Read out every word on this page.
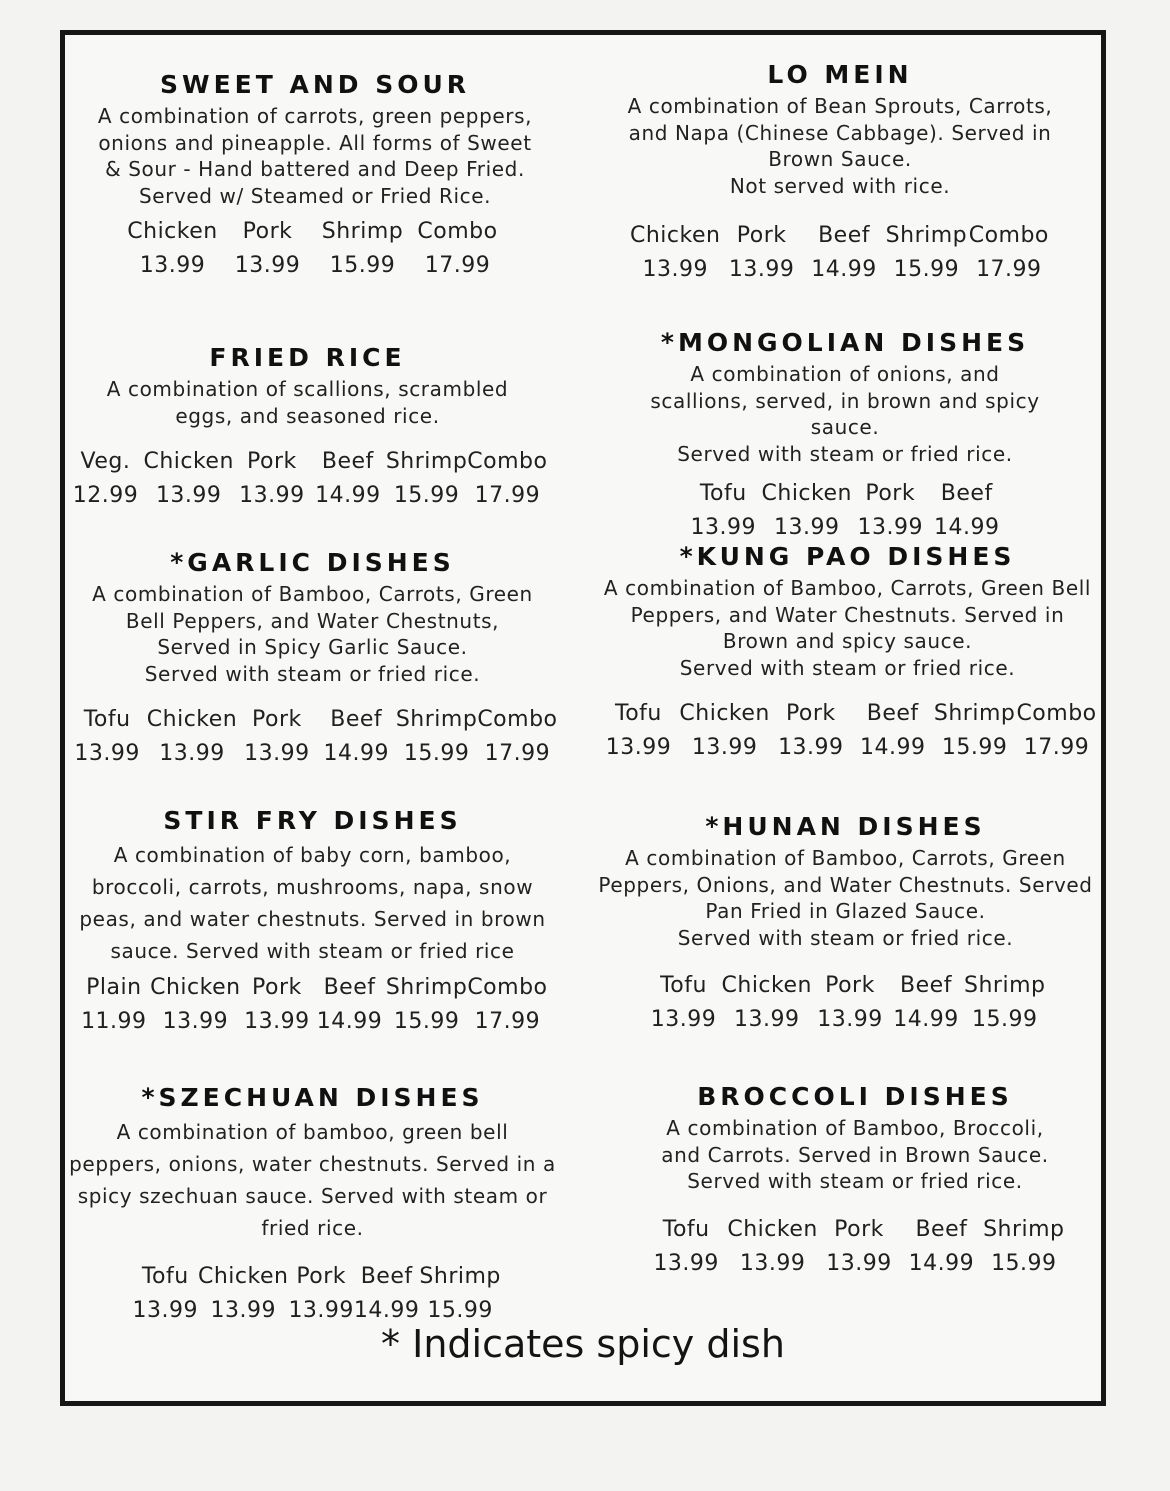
SWEET AND SOUR
A combination of carrots, green peppers, onions and pineapple. All forms of Sweet & Sour - Hand battered and Deep Fried. Served w/ Steamed or Fried Rice.
Chicken	Pork	Shrimp Combo
13.99	13.99	15.99	17.99
FRIED RICE
A combination of scallions, scrambled eggs, and seasoned rice.
Veg. Chicken Pork	Beef Shrimp Combo
12.99 13.99 13.99 14.99 15.99 17.99
*GARLIC DISHES
A combination of Bamboo, Carrots, Green Bell Peppers, and Water Chestnuts, Served in Spicy Garlic Sauce.
Served with steam or fried rice.
Tofu Chicken Pork	Beef Shrimp Combo
13.99 13.99 13.99 14.99 15.99 17.99
STIR FRY DISHES
A combination of baby corn, bamboo, broccoli, carrots, mushrooms, napa, snow peas, and water chestnuts. Served in brown sauce. Served with steam or fried rice
Plain Chicken Pork Beef Shrimp Combo
11.99 13.99 13.99 14.99 15.99 17.99
*SZECHUAN DISHES
A combination of bamboo, green bell peppers, onions, water chestnuts. Served in a spicy szechuan sauce. Served with steam or fried rice.
Tofu Chicken Pork Beef Shrimp
13.99 13.99 13.99 14.99 15.99
LO MEIN
A combination of Bean Sprouts, Carrots, and Napa (Chinese Cabbage). Served in Brown Sauce.
Not served with rice.
Chicken Pork	Beef Shrimp Combo
13.99 13.99 14.99 15.99 17.99
*MONGOLIAN DISHES
A combination of onions, and scallions, served, in brown and spicy sauce.
Served with steam or fried rice.
Tofu Chicken Pork	Beef
13.99 13.99 13.99 14.99
*KUNG PAO DISHES
A combination of Bamboo, Carrots, Green Bell Peppers, and Water Chestnuts. Served in Brown and spicy sauce.
Served with steam or fried rice.
Tofu Chicken Pork	Beef Shrimp Combo
13.99 13.99 13.99 14.99 15.99 17.99
*HUNAN DISHES
A combination of Bamboo, Carrots, Green Peppers, Onions, and Water Chestnuts. Served Pan Fried in Glazed Sauce.
Served with steam or fried rice.
Tofu Chicken Pork	Beef Shrimp
13.99 13.99 13.99 14.99 15.99
BROCCOLI DISHES
A combination of Bamboo, Broccoli, and Carrots. Served in Brown Sauce.
Served with steam or fried rice.
Tofu Chicken Pork	Beef Shrimp
13.99 13.99 13.99 14.99 15.99
* Indicates spicy dish
